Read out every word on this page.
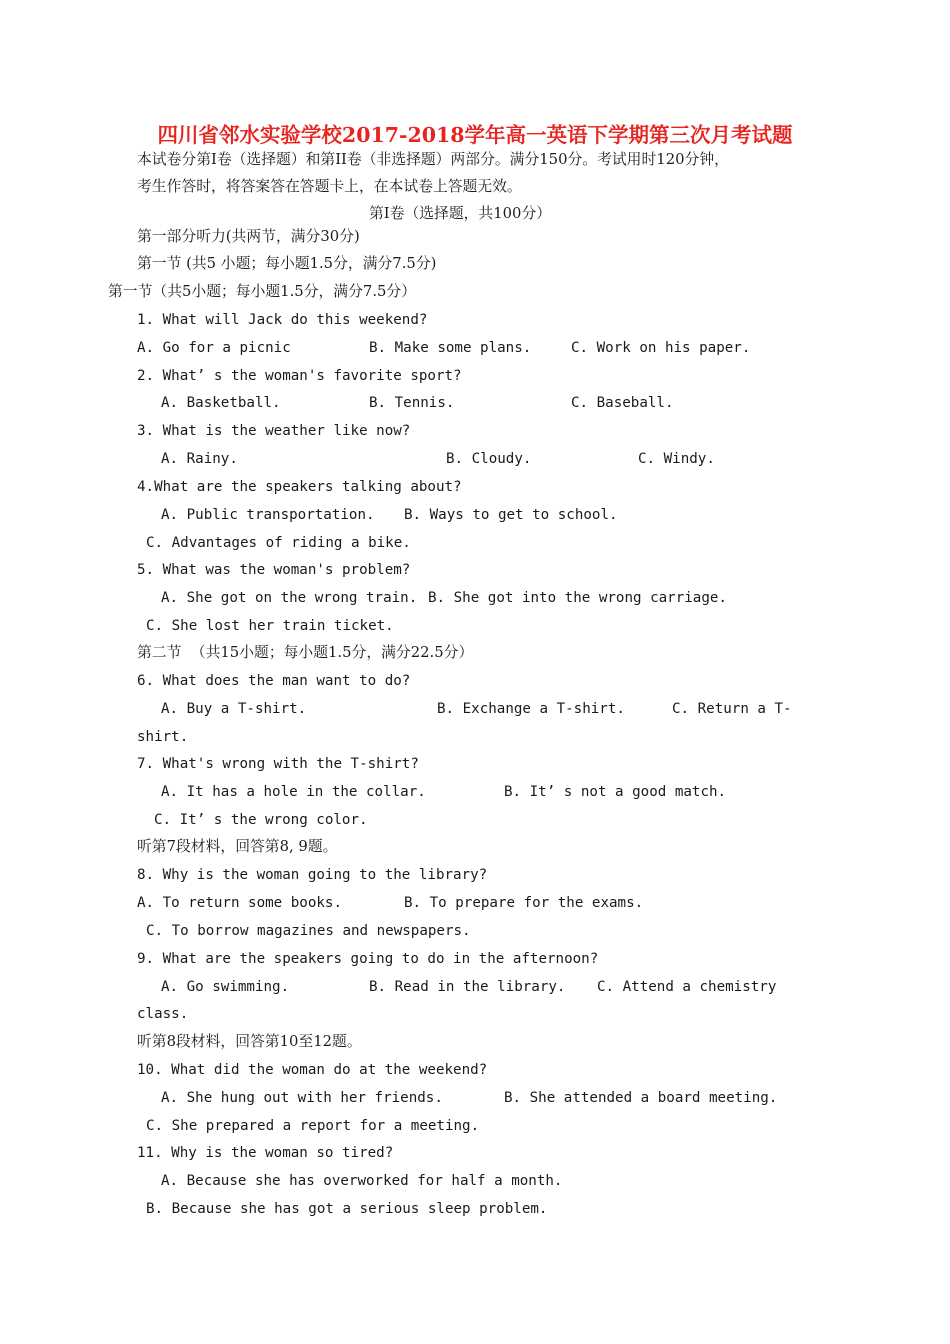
四川省邻水实验学校2017-2018学年高一英语下学期第三次月考试题
本试卷分第Ⅰ卷（选择题）和第II卷（非选择题）两部分。满分150分。考试用时120分钟，
考生作答时，将答案答在答题卡上，在本试卷上答题无效。
第Ⅰ卷（选择题，共100分）
第一部分听力(共两节，满分30分)
第一节 (共5 小题；每小题1.5分，满分7.5分)
第一节（共5小题；每小题1.5分，满分7.5分）
1. What will Jack do this weekend?
A. Go for a picnic	B. Make some plans.	C. Work on his paper.
2. What’ s the woman's favorite sport?
A. Basketball.	B. Tennis.	C. Baseball.
3. What is the weather like now?
A. Rainy.	B. Cloudy.	C. Windy.
4.What are the speakers talking about?
A. Public transportation. B. Ways to get to school.
C. Advantages of riding a bike.
5. What was the woman's problem?
A. She got on the wrong train. B. She got into the wrong carriage.
C. She lost her train ticket.
第二节  （共15小题；每小题1.5分，满分22.5分）
6. What does the man want to do?
A. Buy a T-shirt.	B. Exchange a T-shirt.	C. Return a T-
shirt.
7. What's wrong with the T-shirt?
A. It has a hole in the collar.	B. It’ s not a good match.
C. It’ s the wrong color.
听第7段材料，回答第8, 9题。
8. Why is the woman going to the library?
A. To return some books.	B. To prepare for the exams.
C. To borrow magazines and newspapers.
9. What are the speakers going to do in the afternoon?
A. Go swimming.	B. Read in the library. C. Attend a chemistry
class.
听第8段材料，回答第10至12题。
10. What did the woman do at the weekend?
A. She hung out with her friends.	B. She attended a board meeting.
C. She prepared a report for a meeting.
11. Why is the woman so tired?
A. Because she has overworked for half a month.
B. Because she has got a serious sleep problem.
